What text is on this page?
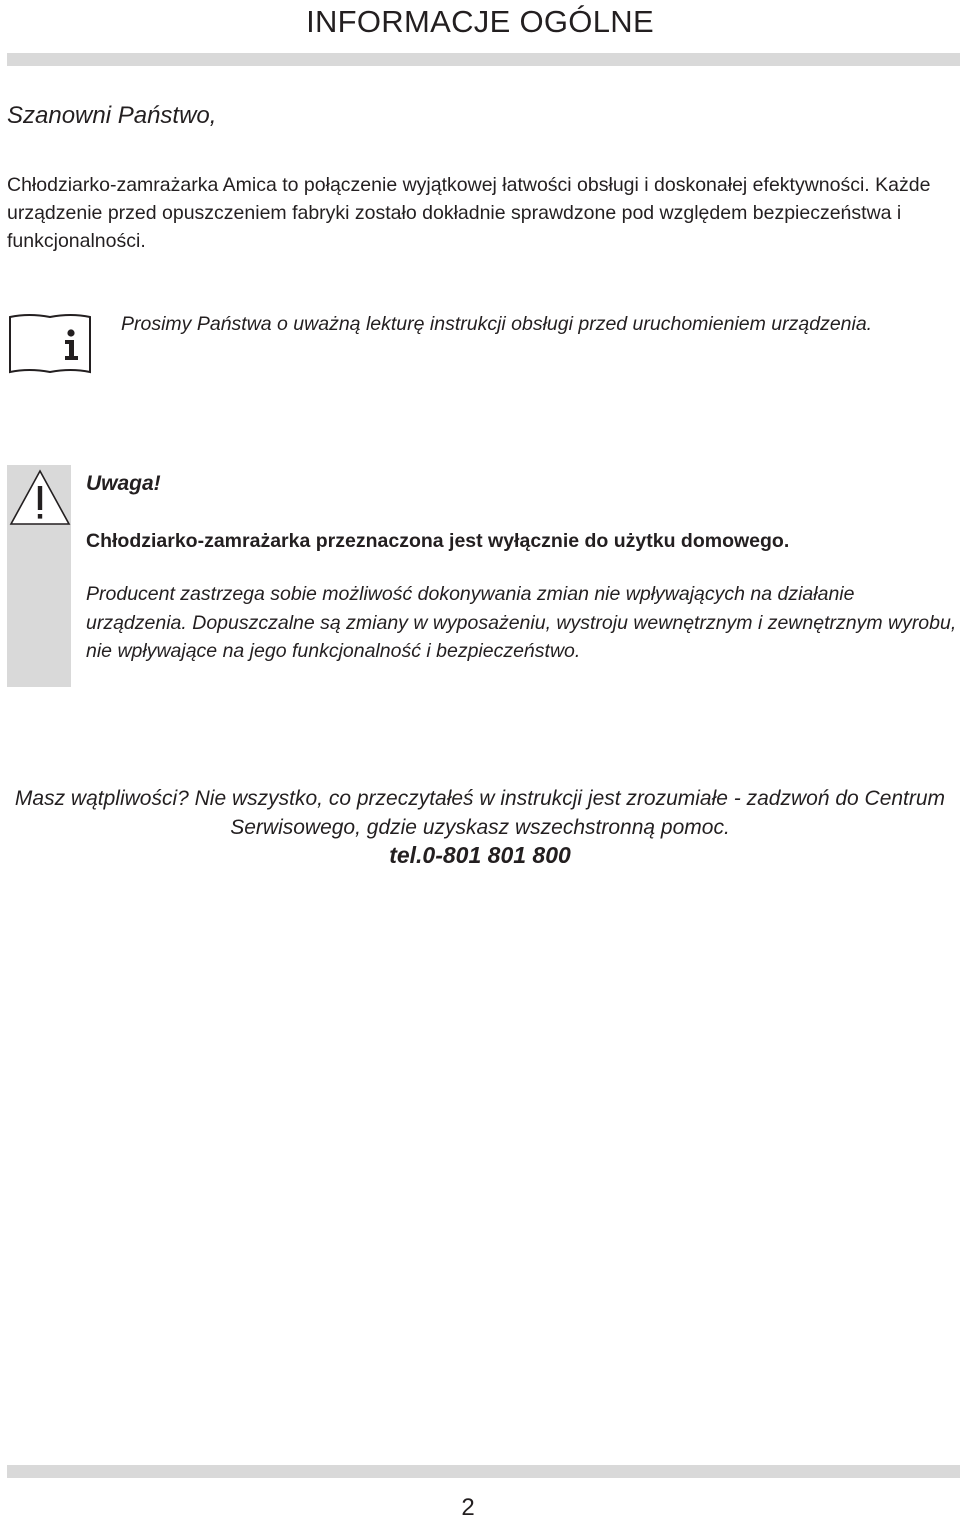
INFORMACJE OGÓLNE
Szanowni Państwo,

Chłodziarko-zamrażarka Amica to połączenie wyjątkowej łatwości obsługi i doskonałej efektywności. Każde urządzenie przed opuszczeniem fabryki zostało dokładnie sprawdzone pod względem bezpieczeństwa i funkcjonalności.

Prosimy Państwa o uważną lekturę instrukcji obsługi przed uruchomieniem urządzenia.

Uwaga!

Chłodziarko-zamrażarka przeznaczona jest wyłącznie do użytku domowego.

Producent zastrzega sobie możliwość dokonywania zmian nie wpływających na działanie urządzenia. Dopuszczalne są zmiany w wyposażeniu, wystroju wewnętrznym i zewnętrznym wyrobu, nie wpływające na jego funkcjonalność i bezpieczeństwo.

Masz wątpliwości? Nie wszystko, co przeczytałeś w instrukcji jest zrozumiałe - zadzwoń do Centrum Serwisowego, gdzie uzyskasz wszechstronną pomoc.

tel.0-801 801 800

2
